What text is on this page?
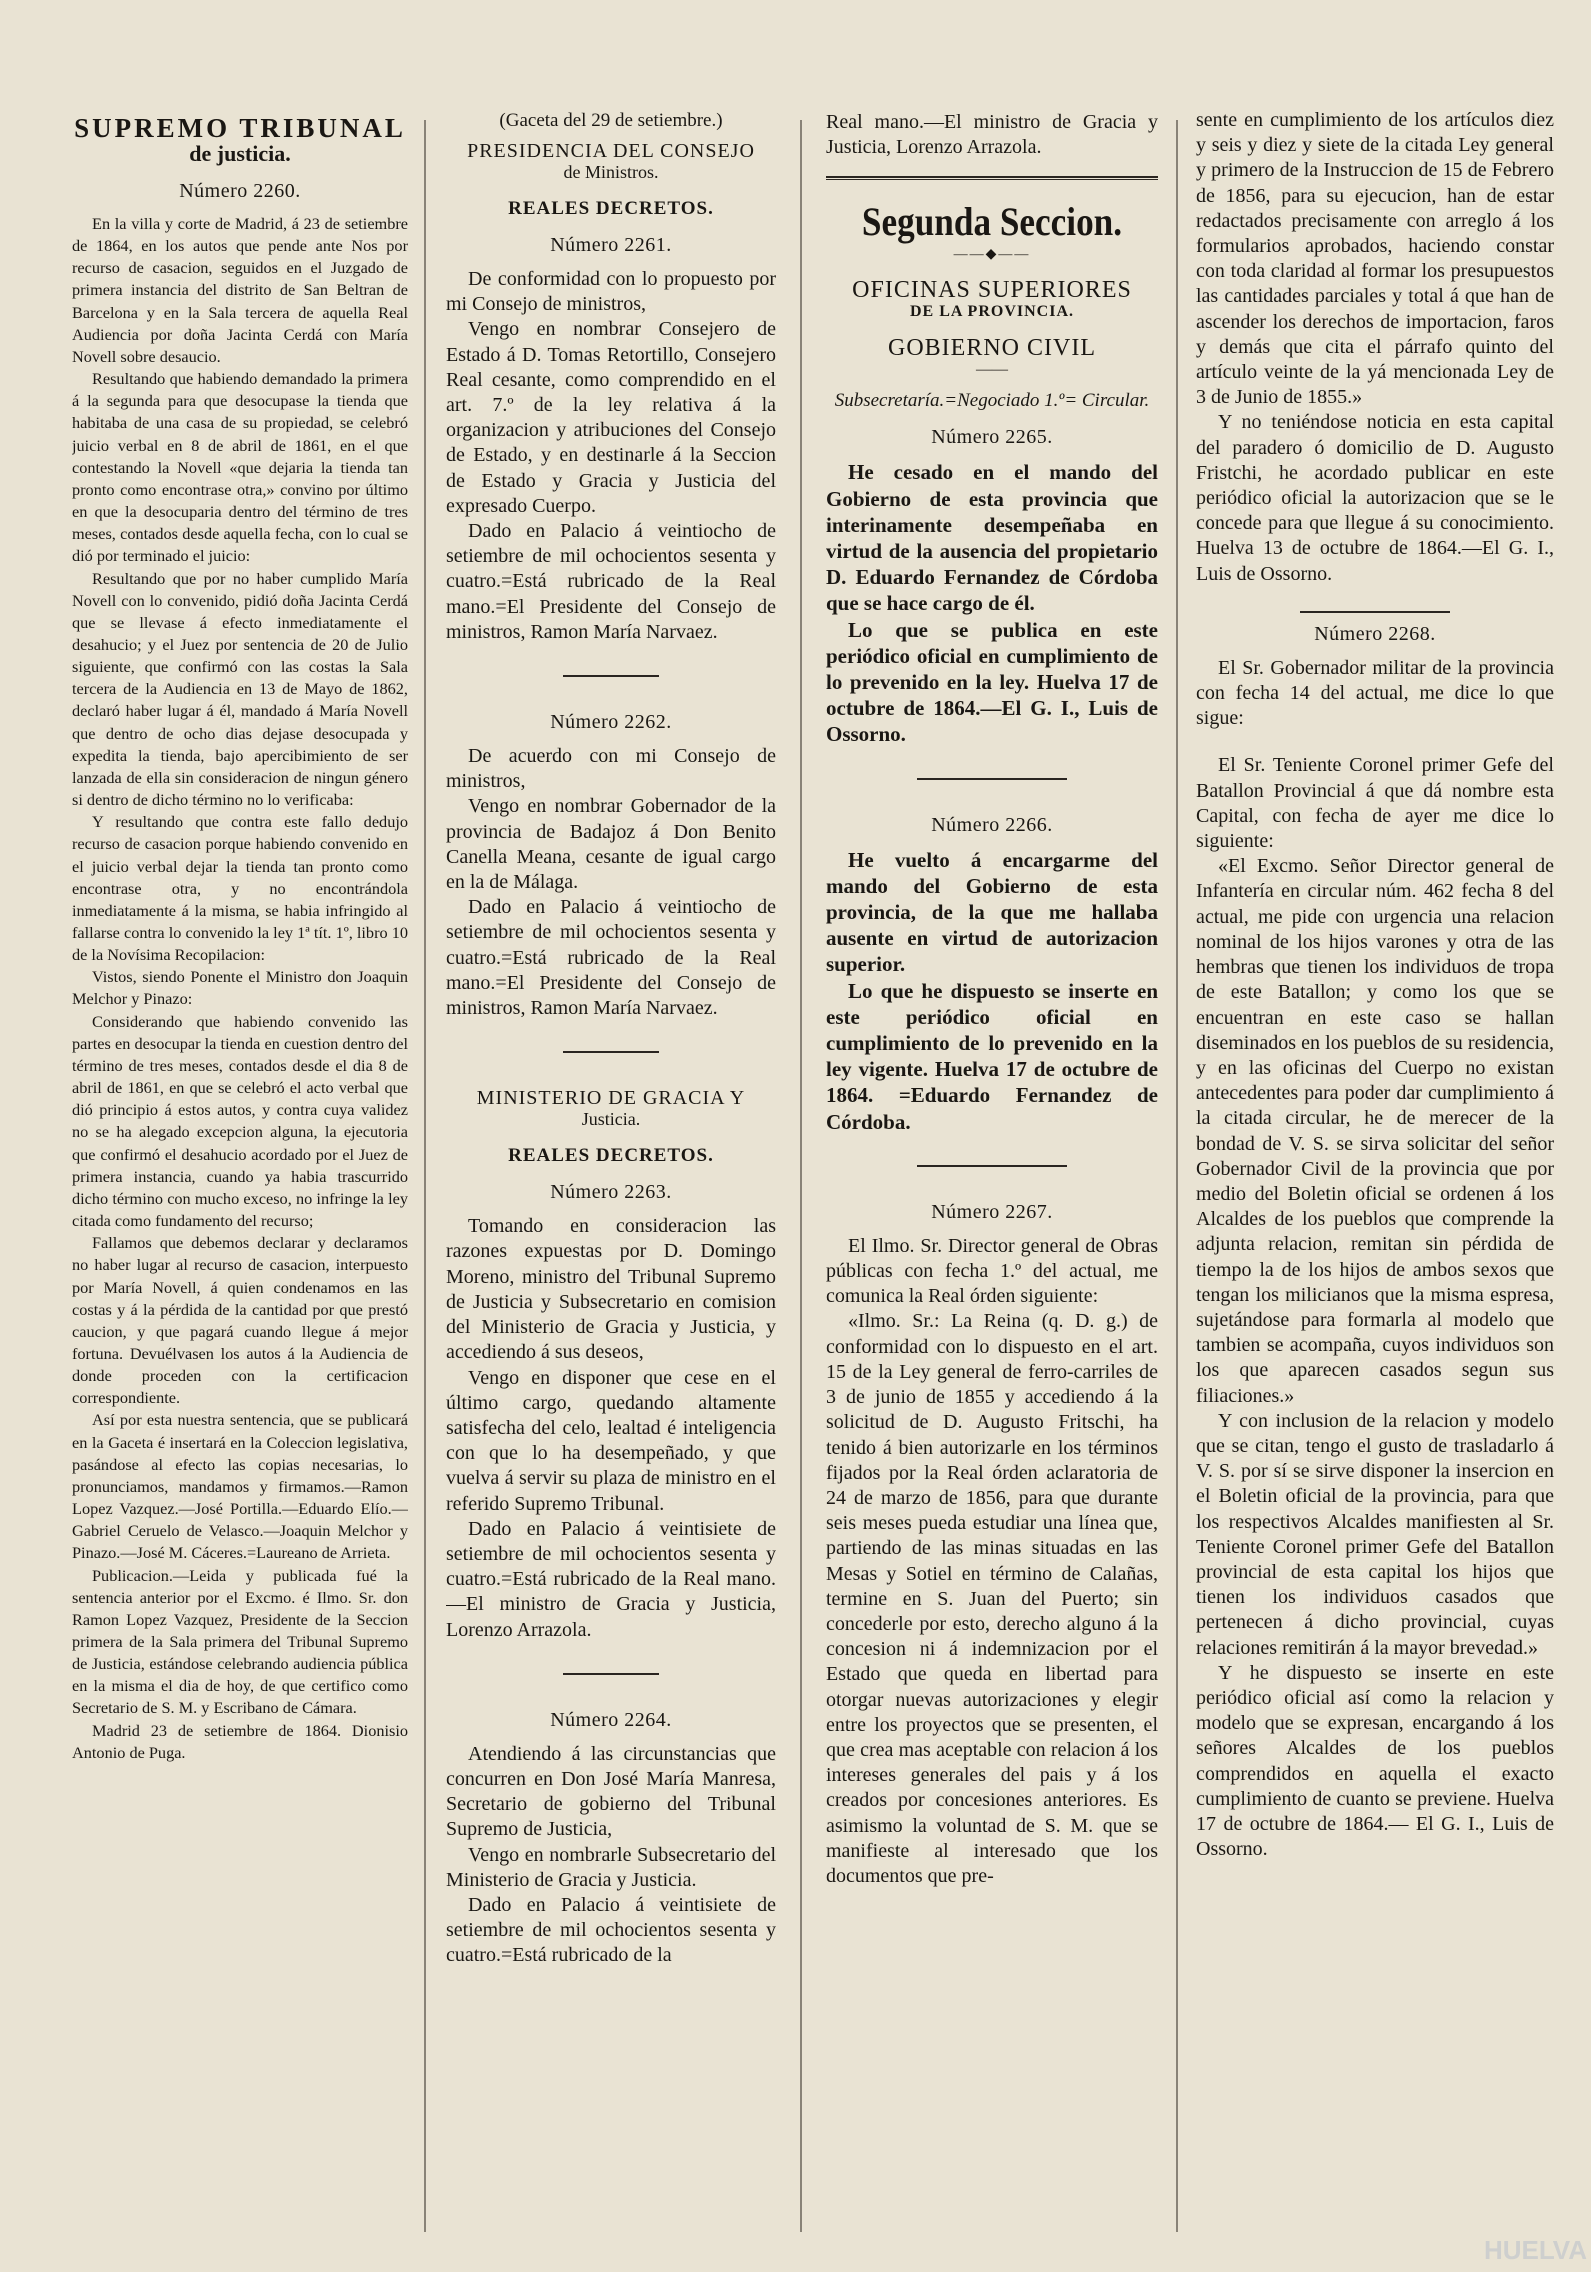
SUPREMO TRIBUNAL
de justicia.
Número 2260.

En la villa y corte de Madrid, á 23 de setiembre de 1864, en los autos que pende ante Nos por recurso de casacion, seguidos en el Juzgado de primera instancia del distrito de San Beltran de Barcelona y en la Sala tercera de aquella Real Audiencia por doña Jacinta Cerdá con María Novell sobre desaucio.

Resultando que habiendo demandado la primera á la segunda para que desocupase la tienda que habitaba de una casa de su propiedad, se celebró juicio verbal en 8 de abril de 1861, en el que contestando la Novell «que dejaria la tienda tan pronto como encontrase otra,» convino por último en que la desocuparia dentro del término de tres meses, contados desde aquella fecha, con lo cual se dió por terminado el juicio:

Resultando que por no haber cumplido María Novell con lo convenido, pidió doña Jacinta Cerdá que se llevase á efecto inmediatamente el desahucio; y el Juez por sentencia de 20 de Julio siguiente, que confirmó con las costas la Sala tercera de la Audiencia en 13 de Mayo de 1862, declaró haber lugar á él, mandado á María Novell que dentro de ocho dias dejase desocupada y expedita la tienda, bajo apercibimiento de ser lanzada de ella sin consideracion de ningun género si dentro de dicho término no lo verificaba:

Y resultando que contra este fallo dedujo recurso de casacion porque habiendo convenido en el juicio verbal dejar la tienda tan pronto como encontrase otra, y no encontrándola inmediatamente á la misma, se habia infringido al fallarse contra lo convenido la ley 1ª tít. 1º, libro 10 de la Novísima Recopilacion:

Vistos, siendo Ponente el Ministro don Joaquin Melchor y Pinazo:

Considerando que habiendo convenido las partes en desocupar la tienda en cuestion dentro del término de tres meses, contados desde el dia 8 de abril de 1861, en que se celebró el acto verbal que dió principio á estos autos, y contra cuya validez no se ha alegado excepcion alguna, la ejecutoria que confirmó el desahucio acordado por el Juez de primera instancia, cuando ya habia trascurrido dicho término con mucho exceso, no infringe la ley citada como fundamento del recurso;

Fallamos que debemos declarar y declaramos no haber lugar al recurso de casacion, interpuesto por María Novell, á quien condenamos en las costas y á la pérdida de la cantidad por que prestó caucion, y que pagará cuando llegue á mejor fortuna. Devuélvasen los autos á la Audiencia de donde proceden con la certificacion correspondiente.

Así por esta nuestra sentencia, que se publicará en la Gaceta é insertará en la Coleccion legislativa, pasándose al efecto las copias necesarias, lo pronunciamos, mandamos y firmamos.—Ramon Lopez Vazquez.—José Portilla.—Eduardo Elío.—Gabriel Ceruelo de Velasco.—Joaquin Melchor y Pinazo.—José M. Cáceres.=Laureano de Arrieta.

Publicacion.—Leida y publicada fué la sentencia anterior por el Excmo. é Ilmo. Sr. don Ramon Lopez Vazquez, Presidente de la Seccion primera de la Sala primera del Tribunal Supremo de Justicia, estándose celebrando audiencia pública en la misma el dia de hoy, de que certifico como Secretario de S. M. y Escribano de Cámara.

Madrid 23 de setiembre de 1864. Dionisio Antonio de Puga.

(Gaceta del 29 de setiembre.)
PRESIDENCIA DEL CONSEJO
de Ministros.
REALES DECRETOS.
Número 2261.

De conformidad con lo propuesto por mi Consejo de ministros,

Vengo en nombrar Consejero de Estado á D. Tomas Retortillo, Consejero Real cesante, como comprendido en el art. 7.º de la ley relativa á la organizacion y atribuciones del Consejo de Estado, y en destinarle á la Seccion de Estado y Gracia y Justicia del expresado Cuerpo.

Dado en Palacio á veintiocho de setiembre de mil ochocientos sesenta y cuatro.=Está rubricado de la Real mano.=El Presidente del Consejo de ministros, Ramon María Narvaez.

Número 2262.

De acuerdo con mi Consejo de ministros,

Vengo en nombrar Gobernador de la provincia de Badajoz á Don Benito Canella Meana, cesante de igual cargo en la de Málaga.

Dado en Palacio á veintiocho de setiembre de mil ochocientos sesenta y cuatro.=Está rubricado de la Real mano.=El Presidente del Consejo de ministros, Ramon María Narvaez.

MINISTERIO DE GRACIA Y
Justicia.
REALES DECRETOS.
Número 2263.

Tomando en consideracion las razones expuestas por D. Domingo Moreno, ministro del Tribunal Supremo de Justicia y Subsecretario en comision del Ministerio de Gracia y Justicia, y accediendo á sus deseos,

Vengo en disponer que cese en el último cargo, quedando altamente satisfecha del celo, lealtad é inteligencia con que lo ha desempeñado, y que vuelva á servir su plaza de ministro en el referido Supremo Tribunal.

Dado en Palacio á veintisiete de setiembre de mil ochocientos sesenta y cuatro.=Está rubricado de la Real mano.—El ministro de Gracia y Justicia, Lorenzo Arrazola.

Número 2264.

Atendiendo á las circunstancias que concurren en Don José María Manresa, Secretario de gobierno del Tribunal Supremo de Justicia,

Vengo en nombrarle Subsecretario del Ministerio de Gracia y Justicia.

Dado en Palacio á veintisiete de setiembre de mil ochocientos sesenta y cuatro.=Está rubricado de la

Real mano.—El ministro de Gracia y Justicia, Lorenzo Arrazola.

Segunda Seccion.
——◆——
OFICINAS SUPERIORES
DE LA PROVINCIA.
GOBIERNO CIVIL
——
Subsecretaría.=Negociado 1.º= Circular.
Número 2265.

He cesado en el mando del Gobierno de esta provincia que interinamente desempeñaba en virtud de la ausencia del propietario D. Eduardo Fernandez de Córdoba que se hace cargo de él.

Lo que se publica en este periódico oficial en cumplimiento de lo prevenido en la ley. Huelva 17 de octubre de 1864.—El G. I., Luis de Ossorno.

Número 2266.

He vuelto á encargarme del mando del Gobierno de esta provincia, de la que me hallaba ausente en virtud de autorizacion superior.

Lo que he dispuesto se inserte en este periódico oficial en cumplimiento de lo prevenido en la ley vigente. Huelva 17 de octubre de 1864. =Eduardo Fernandez de Córdoba.

Número 2267.

El Ilmo. Sr. Director general de Obras públicas con fecha 1.º del actual, me comunica la Real órden siguiente:

«Ilmo. Sr.: La Reina (q. D. g.) de conformidad con lo dispuesto en el art. 15 de la Ley general de ferro-carriles de 3 de junio de 1855 y accediendo á la solicitud de D. Augusto Fritschi, ha tenido á bien autorizarle en los términos fijados por la Real órden aclaratoria de 24 de marzo de 1856, para que durante seis meses pueda estudiar una línea que, partiendo de las minas situadas en las Mesas y Sotiel en término de Calañas, termine en S. Juan del Puerto; sin concederle por esto, derecho alguno á la concesion ni á indemnizacion por el Estado que queda en libertad para otorgar nuevas autorizaciones y elegir entre los proyectos que se presenten, el que crea mas aceptable con relacion á los intereses generales del pais y á los creados por concesiones anteriores. Es asimismo la voluntad de S. M. que se manifieste al interesado que los documentos que pre-

sente en cumplimiento de los artículos diez y seis y diez y siete de la citada Ley general y primero de la Instruccion de 15 de Febrero de 1856, para su ejecucion, han de estar redactados precisamente con arreglo á los formularios aprobados, haciendo constar con toda claridad al formar los presupuestos las cantidades parciales y total á que han de ascender los derechos de importacion, faros y demás que cita el párrafo quinto del artículo veinte de la yá mencionada Ley de 3 de Junio de 1855.»

Y no teniéndose noticia en esta capital del paradero ó domicilio de D. Augusto Fristchi, he acordado publicar en este periódico oficial la autorizacion que se le concede para que llegue á su conocimiento. Huelva 13 de octubre de 1864.—El G. I., Luis de Ossorno.

Número 2268.

El Sr. Gobernador militar de la provincia con fecha 14 del actual, me dice lo que sigue:

El Sr. Teniente Coronel primer Gefe del Batallon Provincial á que dá nombre esta Capital, con fecha de ayer me dice lo siguiente:

«El Excmo. Señor Director general de Infantería en circular núm. 462 fecha 8 del actual, me pide con urgencia una relacion nominal de los hijos varones y otra de las hembras que tienen los individuos de tropa de este Batallon; y como los que se encuentran en este caso se hallan diseminados en los pueblos de su residencia, y en las oficinas del Cuerpo no existan antecedentes para poder dar cumplimiento á la citada circular, he de merecer de la bondad de V. S. se sirva solicitar del señor Gobernador Civil de la provincia que por medio del Boletin oficial se ordenen á los Alcaldes de los pueblos que comprende la adjunta relacion, remitan sin pérdida de tiempo la de los hijos de ambos sexos que tengan los milicianos que la misma espresa, sujetándose para formarla al modelo que tambien se acompaña, cuyos individuos son los que aparecen casados segun sus filiaciones.»

Y con inclusion de la relacion y modelo que se citan, tengo el gusto de trasladarlo á V. S. por sí se sirve disponer la insercion en el Boletin oficial de la provincia, para que los respectivos Alcaldes manifiesten al Sr. Teniente Coronel primer Gefe del Batallon provincial de esta capital los hijos que tienen los individuos casados que pertenecen á dicho provincial, cuyas relaciones remitirán á la mayor brevedad.»

Y he dispuesto se inserte en este periódico oficial así como la relacion y modelo que se expresan, encargando á los señores Alcaldes de los pueblos comprendidos en aquella el exacto cumplimiento de cuanto se previene. Huelva 17 de octubre de 1864.— El G. I., Luis de Ossorno.

HUELVA
